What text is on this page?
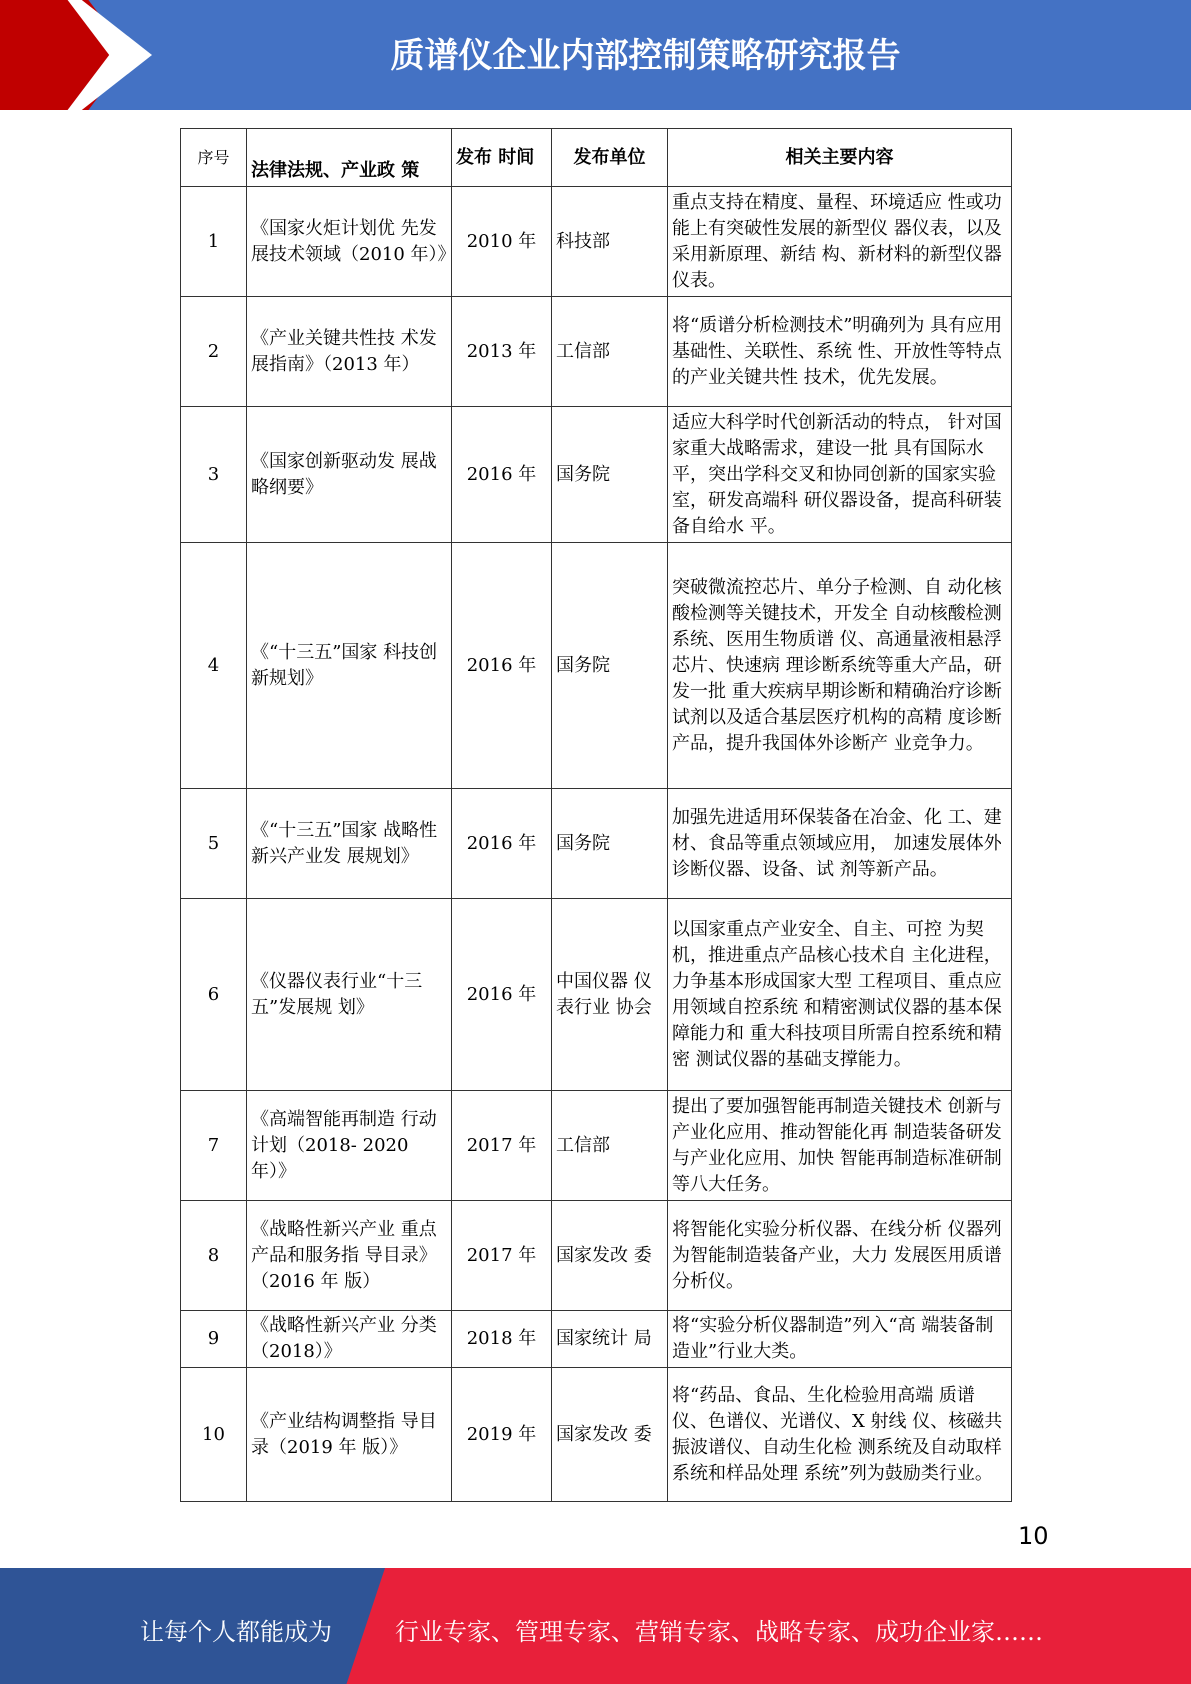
质谱仪企业内部控制策略研究报告
序号	法律法规、产业政 策	发布 时间	发布单位	相关主要内容
1	《国家火炬计划优 先发展技术领域（2010 年）》	2010 年	科技部	重点支持在精度、量程、环境适应 性或功能上有突破性发展的新型仪 器仪表，以及采用新原理、新结 构、新材料的新型仪器仪表。
2	《产业关键共性技 术发展指南》（2013 年）	2013 年	工信部	将“质谱分析检测技术”明确列为 具有应用基础性、关联性、系统 性、开放性等特点的产业关键共性 技术，优先发展。
3	《国家创新驱动发 展战略纲要》	2016 年	国务院	适应大科学时代创新活动的特点， 针对国家重大战略需求，建设一批 具有国际水平，突出学科交叉和协同创新的国家实验室，研发高端科 研仪器设备，提高科研装备自给水 平。
4	《“十三五”国家 科技创新规划》	2016 年	国务院	突破微流控芯片、单分子检测、自 动化核酸检测等关键技术，开发全 自动核酸检测系统、医用生物质谱 仪、高通量液相悬浮芯片、快速病 理诊断系统等重大产品，研发一批 重大疾病早期诊断和精确治疗诊断 试剂以及适合基层医疗机构的高精 度诊断产品，提升我国体外诊断产 业竞争力。
5	《“十三五”国家 战略性新兴产业发 展规划》	2016 年	国务院	加强先进适用环保装备在冶金、化 工、建材、食品等重点领域应用， 加速发展体外诊断仪器、设备、试 剂等新产品。
6	《仪器仪表行业“十三五”发展规 划》	2016 年	中国仪器 仪表行业 协会	以国家重点产业安全、自主、可控 为契机，推进重点产品核心技术自 主化进程，力争基本形成国家大型 工程项目、重点应用领域自控系统 和精密测试仪器的基本保障能力和 重大科技项目所需自控系统和精密 测试仪器的基础支撑能力。
7	《高端智能再制造 行动计划（2018- 2020 年）》	2017 年	工信部	提出了要加强智能再制造关键技术 创新与产业化应用、推动智能化再 制造装备研发与产业化应用、加快 智能再制造标准研制等八大任务。
8	《战略性新兴产业 重点产品和服务指 导目录》（2016 年 版）	2017 年	国家发改 委	将智能化实验分析仪器、在线分析 仪器列为智能制造装备产业，大力 发展医用质谱分析仪。
9	《战略性新兴产业 分类（2018）》	2018 年	国家统计 局	将“实验分析仪器制造”列入“高 端装备制造业”行业大类。
10	《产业结构调整指 导目录（2019 年 版）》	2019 年	国家发改 委	将“药品、食品、生化检验用高端 质谱仪、色谱仪、光谱仪、X 射线 仪、核磁共振波谱仪、自动生化检 测系统及自动取样系统和样品处理 系统”列为鼓励类行业。
10
让每个人都能成为	行业专家、管理专家、营销专家、战略专家、成功企业家……
